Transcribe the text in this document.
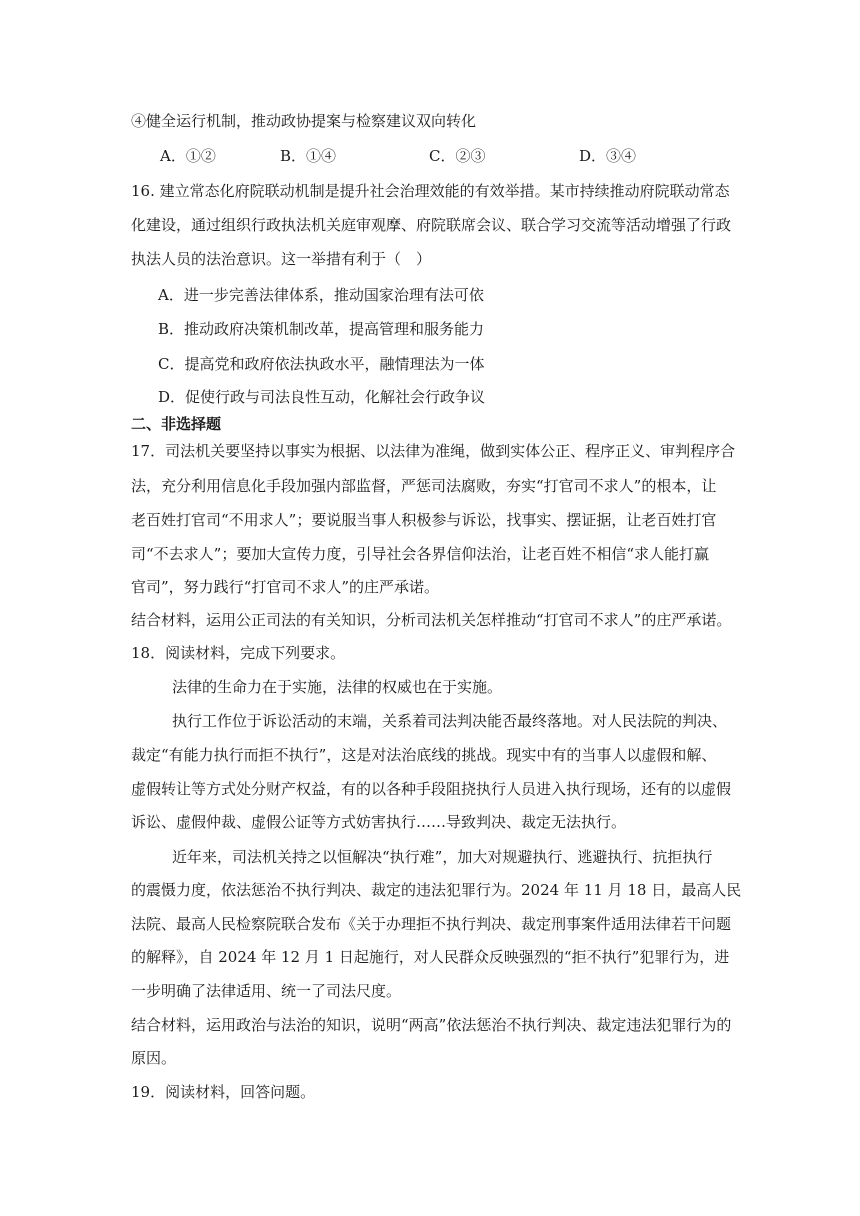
④健全运行机制，推动政协提案与检察建议双向转化
A．①②	B．①④	C．②③	D．③④
16. 建立常态化府院联动机制是提升社会治理效能的有效举措。某市持续推动府院联动常态
化建设，通过组织行政执法机关庭审观摩、府院联席会议、联合学习交流等活动增强了行政
执法人员的法治意识。这一举措有利于（　）
A．进一步完善法律体系，推动国家治理有法可依
B．推动政府决策机制改革，提高管理和服务能力
C．提高党和政府依法执政水平，融情理法为一体
D．促使行政与司法良性互动，化解社会行政争议
二、非选择题
17．司法机关要坚持以事实为根据、以法律为准绳，做到实体公正、程序正义、审判程序合
法，充分利用信息化手段加强内部监督，严惩司法腐败，夯实“打官司不求人”的根本，让
老百姓打官司“不用求人”；要说服当事人积极参与诉讼，找事实、摆证据，让老百姓打官
司“不去求人”；要加大宣传力度，引导社会各界信仰法治，让老百姓不相信“求人能打赢
官司”，努力践行“打官司不求人”的庄严承诺。
结合材料，运用公正司法的有关知识，分析司法机关怎样推动“打官司不求人”的庄严承诺。
18．阅读材料，完成下列要求。
法律的生命力在于实施，法律的权威也在于实施。
执行工作位于诉讼活动的末端，关系着司法判决能否最终落地。对人民法院的判决、
裁定“有能力执行而拒不执行”，这是对法治底线的挑战。现实中有的当事人以虚假和解、
虚假转让等方式处分财产权益，有的以各种手段阻挠执行人员进入执行现场，还有的以虚假
诉讼、虚假仲裁、虚假公证等方式妨害执行……导致判决、裁定无法执行。
近年来，司法机关持之以恒解决“执行难”，加大对规避执行、逃避执行、抗拒执行
的震慑力度，依法惩治不执行判决、裁定的违法犯罪行为。2024 年 11 月 18 日，最高人民
法院、最高人民检察院联合发布《关于办理拒不执行判决、裁定刑事案件适用法律若干问题
的解释》，自 2024 年 12 月 1 日起施行，对人民群众反映强烈的“拒不执行”犯罪行为，进
一步明确了法律适用、统一了司法尺度。
结合材料，运用政治与法治的知识，说明“两高”依法惩治不执行判决、裁定违法犯罪行为的
原因。
19．阅读材料，回答问题。
